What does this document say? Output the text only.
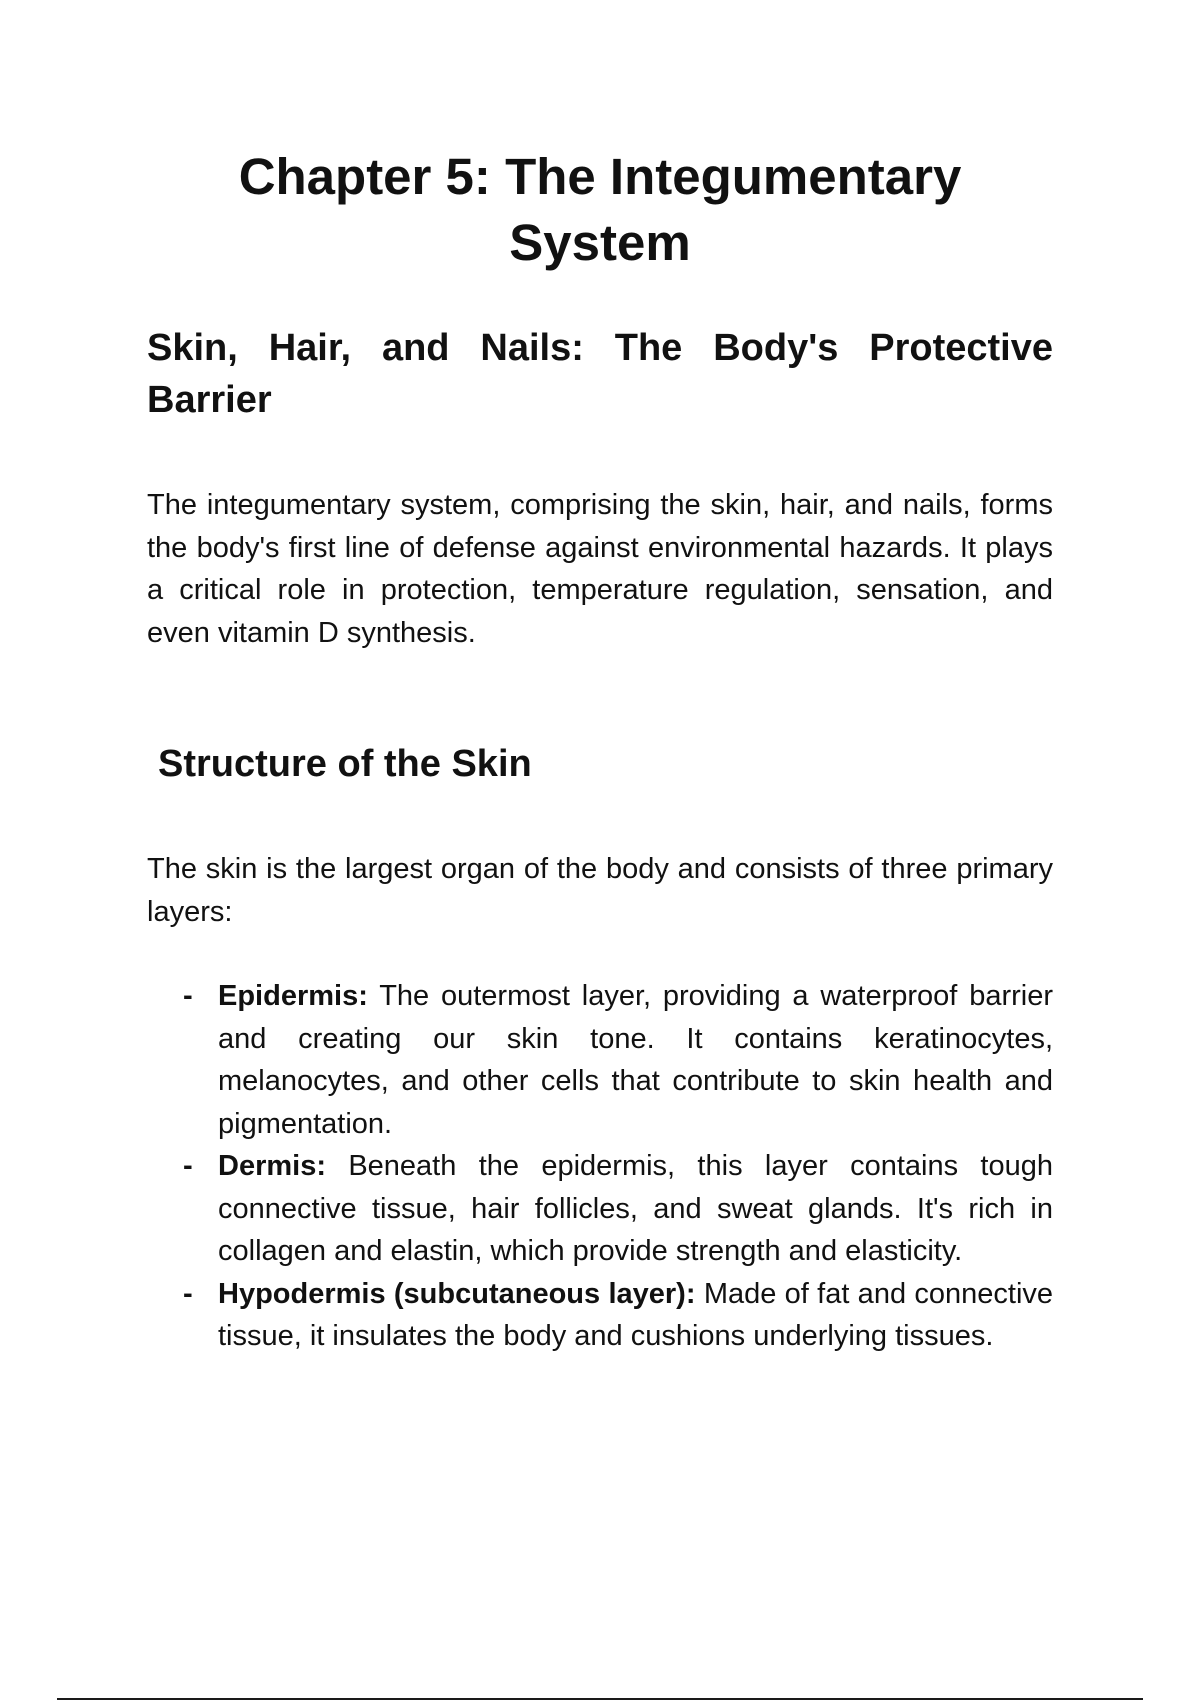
Chapter 5: The Integumentary System
Skin, Hair, and Nails: The Body's Protective Barrier

The integumentary system, comprising the skin, hair, and nails, forms the body's first line of defense against environmental hazards. It plays a critical role in protection, temperature regulation, sensation, and even vitamin D synthesis.

Structure of the Skin

The skin is the largest organ of the body and consists of three primary layers:

- Epidermis: The outermost layer, providing a waterproof barrier and creating our skin tone. It contains keratinocytes, melanocytes, and other cells that contribute to skin health and pigmentation.
- Dermis: Beneath the epidermis, this layer contains tough connective tissue, hair follicles, and sweat glands. It's rich in collagen and elastin, which provide strength and elasticity.
- Hypodermis (subcutaneous layer): Made of fat and connective tissue, it insulates the body and cushions underlying tissues.
